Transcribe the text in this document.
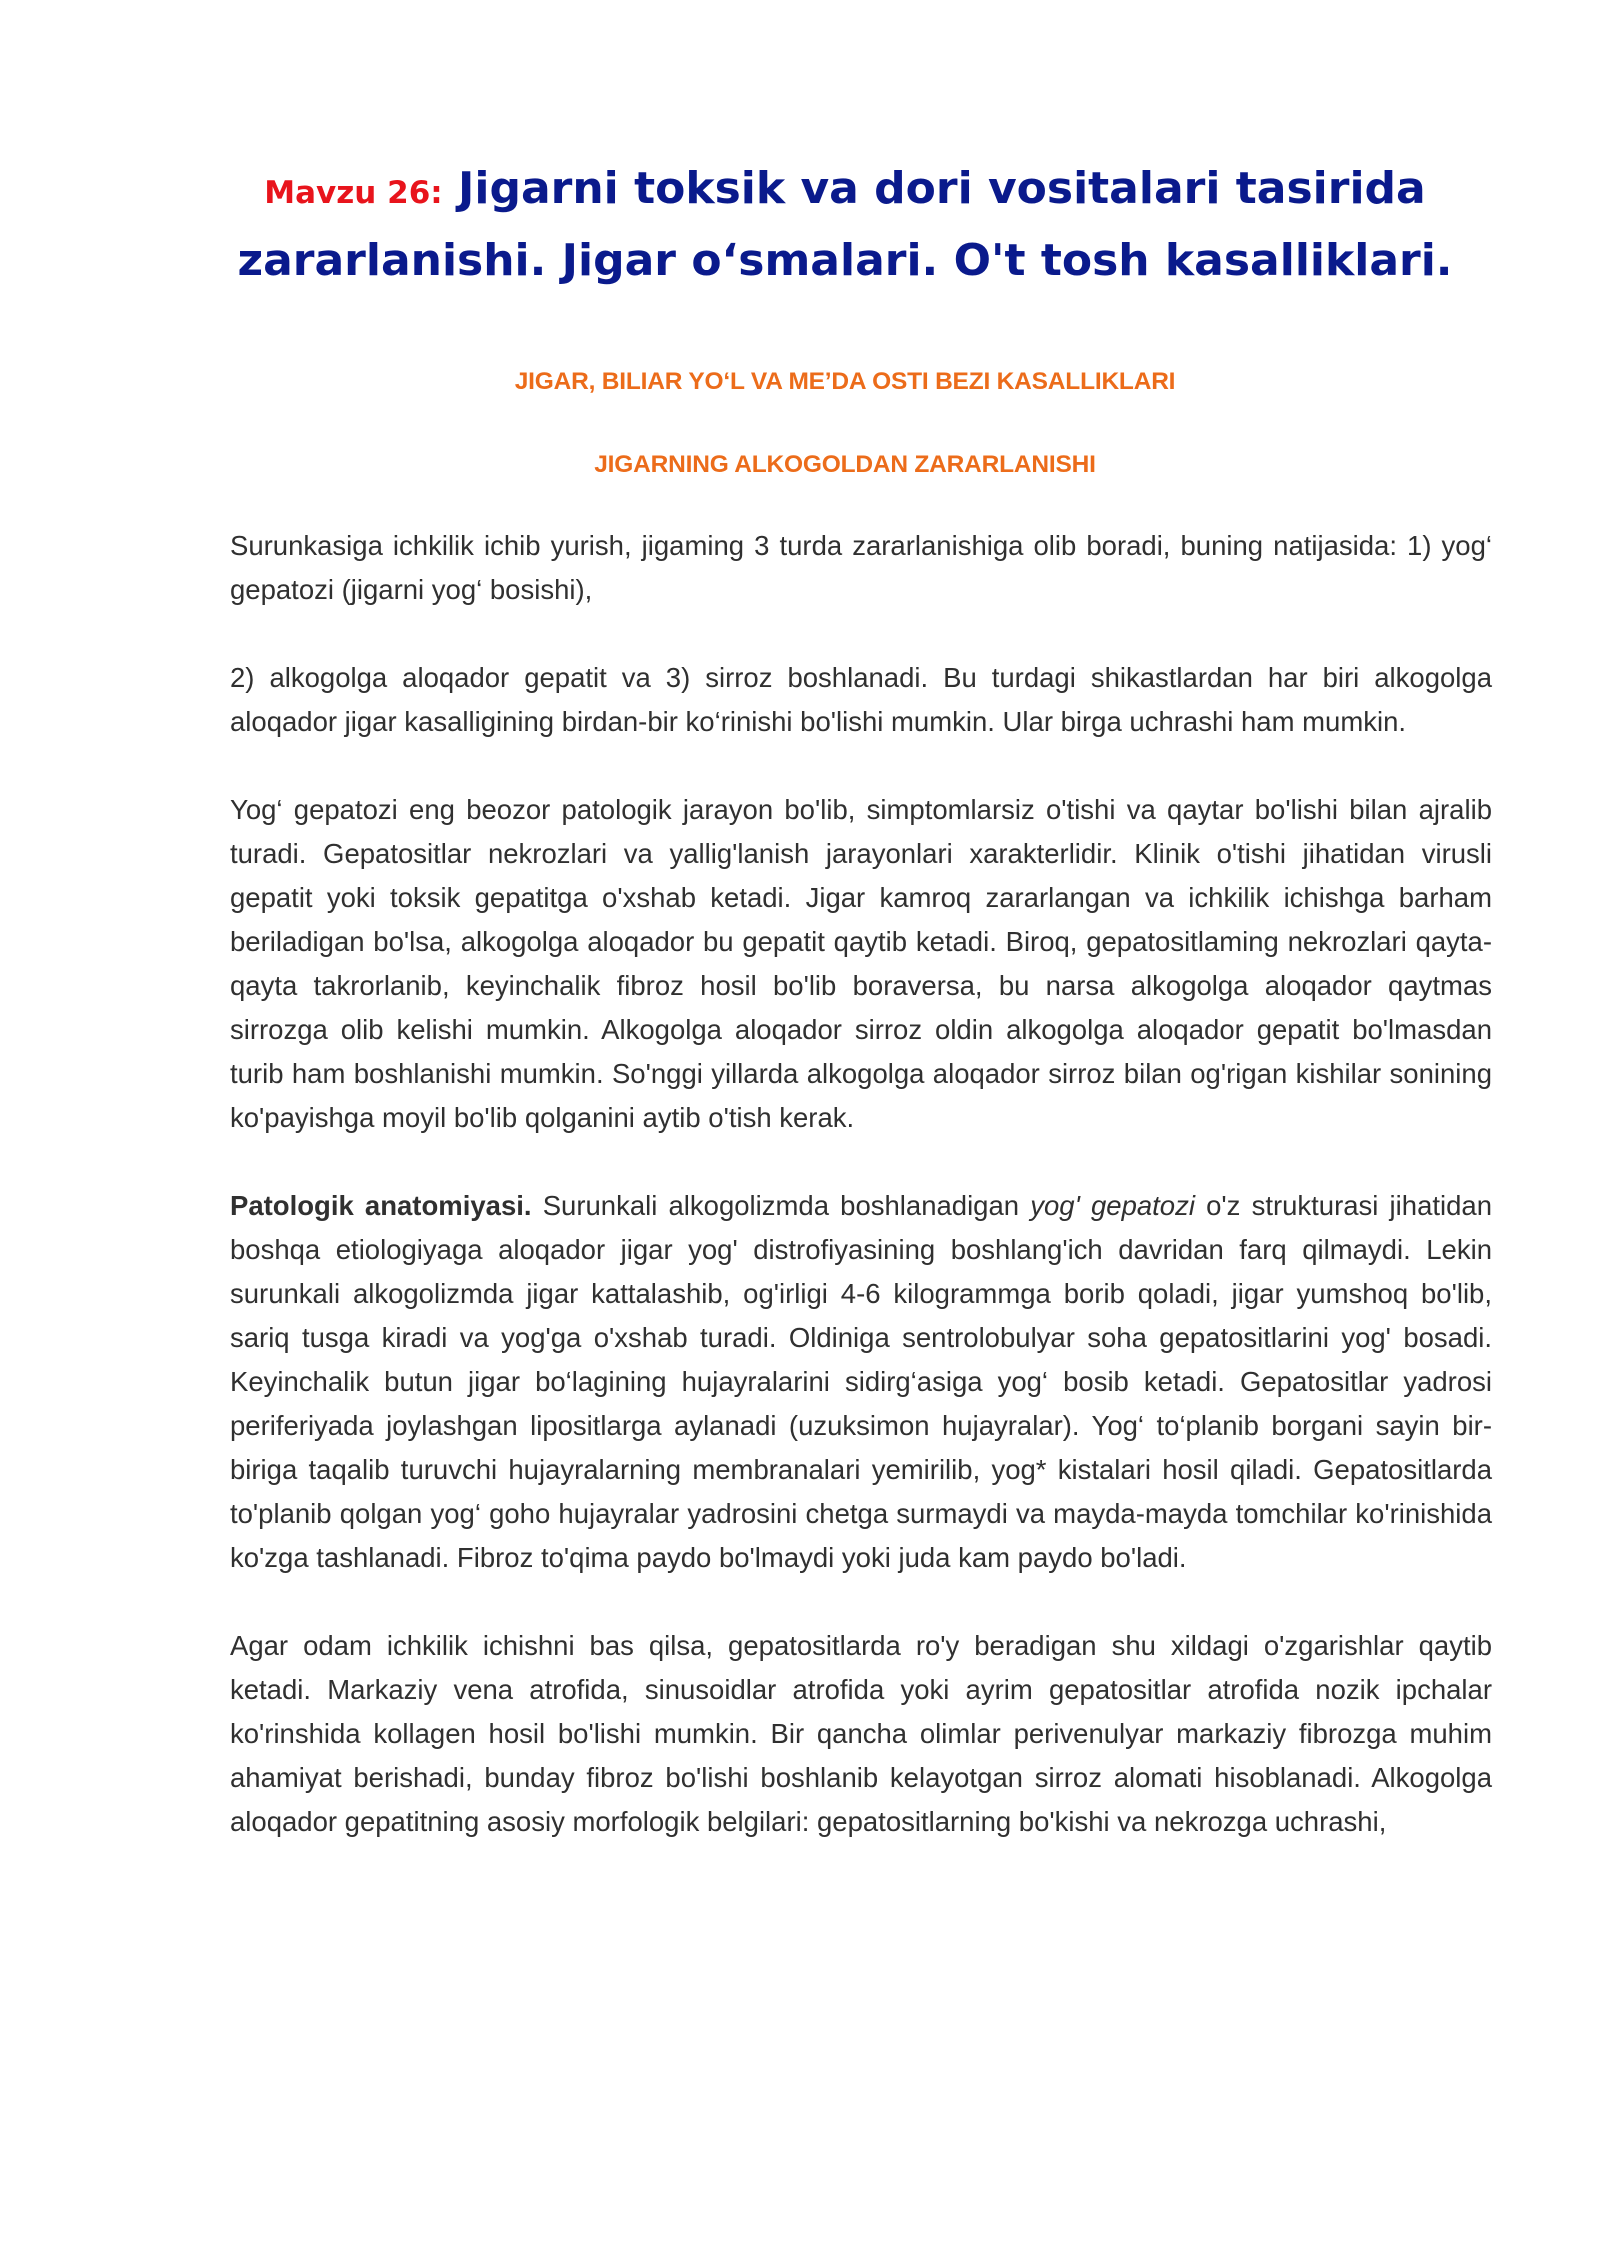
Mavzu 26: Jigarni toksik va dori vositalari tasirida
zararlanishi. Jigar o‘smalari. O't tosh kasalliklari.
JIGAR, BILIAR YO‘L VA ME’DA OSTI BEZI KASALLIKLARI
JIGARNING ALKOGOLDAN ZARARLANISHI

Surunkasiga ichkilik ichib yurish, jigaming 3 turda zararlanishiga olib boradi, buning natijasida: 1) yog‘ gepatozi (jigarni yog‘ bosishi),

2) alkogolga aloqador gepatit va 3) sirroz boshlanadi. Bu turdagi shikastlardan har biri alkogolga aloqador jigar kasalligining birdan-bir ko‘rinishi bo'lishi mumkin. Ular birga uchrashi ham mumkin.

Yog‘ gepatozi eng beozor patologik jarayon bo'lib, simptomlarsiz o'tishi va qaytar bo'lishi bilan ajralib turadi. Gepatositlar nekrozlari va yallig'lanish jarayonlari xarakterlidir. Klinik o'tishi jihatidan virusli gepatit yoki toksik gepatitga o'xshab ketadi. Jigar kamroq zararlangan va ichkilik ichishga barham beriladigan bo'lsa, alkogolga aloqador bu gepatit qaytib ketadi. Biroq, gepatositlaming nekrozlari qayta-qayta takrorlanib, keyinchalik fibroz hosil bo'lib boraversa, bu narsa alkogolga aloqador qaytmas sirrozga olib kelishi mumkin. Alkogolga aloqador sirroz oldin alkogolga aloqador gepatit bo'lmasdan turib ham boshlanishi mumkin. So'nggi yillarda alkogolga aloqador sirroz bilan og'rigan kishilar sonining ko'payishga moyil bo'lib qolganini aytib o'tish kerak.

Patologik anatomiyasi. Surunkali alkogolizmda boshlanadigan yog' gepatozi o'z strukturasi jihatidan boshqa etiologiyaga aloqador jigar yog' distrofiyasining boshlang'ich davridan farq qilmaydi. Lekin surunkali alkogolizmda jigar kattalashib, og'irligi 4-6 kilogrammga borib qoladi, jigar yumshoq bo'lib, sariq tusga kiradi va yog'ga o'xshab turadi. Oldiniga sentrolobulyar soha gepatositlarini yog' bosadi. Keyinchalik butun jigar bo‘lagining hujayralarini sidirg‘asiga yog‘ bosib ketadi. Gepatositlar yadrosi periferiyada joylashgan lipositlarga aylanadi (uzuksimon hujayralar). Yog‘ to‘planib borgani sayin bir-biriga taqalib turuvchi hujayralarning membranalari yemirilib, yog* kistalari hosil qiladi. Gepatositlarda to'planib qolgan yog‘ goho hujayralar yadrosini chetga surmaydi va mayda-mayda tomchilar ko'rinishida ko'zga tashlanadi. Fibroz to'qima paydo bo'lmaydi yoki juda kam paydo bo'ladi.

Agar odam ichkilik ichishni bas qilsa, gepatositlarda ro'y beradigan shu xildagi o'zgarishlar qaytib ketadi. Markaziy vena atrofida, sinusoidlar atrofida yoki ayrim gepatositlar atrofida nozik ipchalar ko'rinshida kollagen hosil bo'lishi mumkin. Bir qancha olimlar perivenulyar markaziy fibrozga muhim ahamiyat berishadi, bunday fibroz bo'lishi boshlanib kelayotgan sirroz alomati hisoblanadi. Alkogolga aloqador gepatitning asosiy morfologik belgilari: gepatositlarning bo'kishi va nekrozga uchrashi,
